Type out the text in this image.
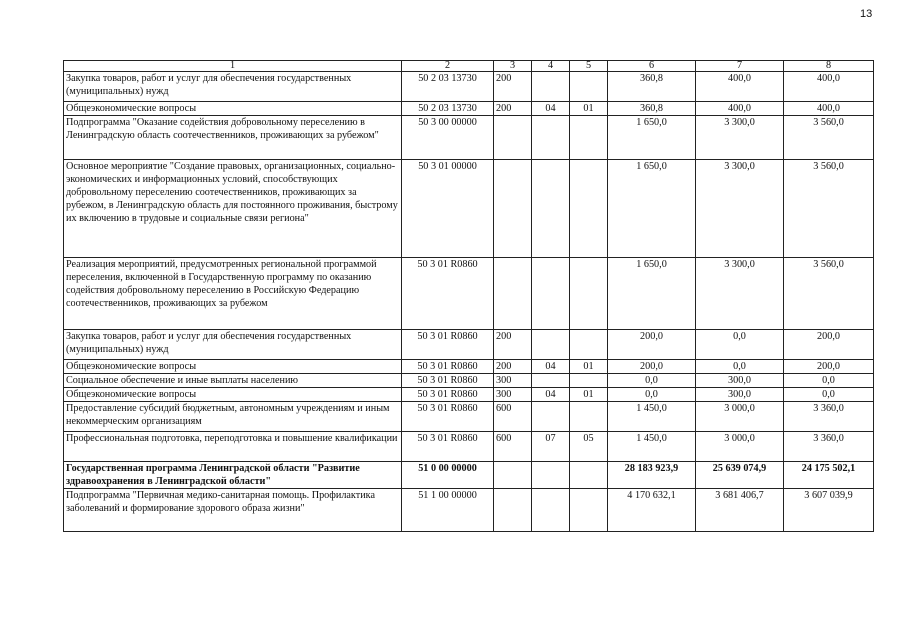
13
1	2	3	4	5	6	7	8
Закупка товаров, работ и услуг для обеспечения государственных (муниципальных) нужд	50 2 03 13730	200			360,8	400,0	400,0
Общеэкономические вопросы	50 2 03 13730	200	04	01	360,8	400,0	400,0
Подпрограмма "Оказание содействия добровольному переселению в Ленинградскую область соотечественников, проживающих за рубежом"	50 3 00 00000				1 650,0	3 300,0	3 560,0
Основное мероприятие "Создание правовых, организационных, социально-экономических и информационных условий, способствующих добровольному переселению соотечественников, проживающих за рубежом, в Ленинградскую область для постоянного проживания, быстрому их включению в трудовые и социальные связи региона"	50 3 01 00000				1 650,0	3 300,0	3 560,0
Реализация мероприятий, предусмотренных региональной программой переселения, включенной в Государственную программу по оказанию содействия добровольному переселению в Российскую Федерацию соотечественников, проживающих за рубежом	50 3 01 R0860				1 650,0	3 300,0	3 560,0
Закупка товаров, работ и услуг для обеспечения государственных (муниципальных) нужд	50 3 01 R0860	200			200,0	0,0	200,0
Общеэкономические вопросы	50 3 01 R0860	200	04	01	200,0	0,0	200,0
Социальное обеспечение и иные выплаты населению	50 3 01 R0860	300			0,0	300,0	0,0
Общеэкономические вопросы	50 3 01 R0860	300	04	01	0,0	300,0	0,0
Предоставление субсидий бюджетным, автономным учреждениям и иным некоммерческим организациям	50 3 01 R0860	600			1 450,0	3 000,0	3 360,0
Профессиональная подготовка, переподготовка и повышение квалификации	50 3 01 R0860	600	07	05	1 450,0	3 000,0	3 360,0
Государственная программа Ленинградской области "Развитие здравоохранения в Ленинградской области"	51 0 00 00000				28 183 923,9	25 639 074,9	24 175 502,1
Подпрограмма "Первичная медико-санитарная помощь. Профилактика заболеваний и формирование здорового образа жизни"	51 1 00 00000				4 170 632,1	3 681 406,7	3 607 039,9
